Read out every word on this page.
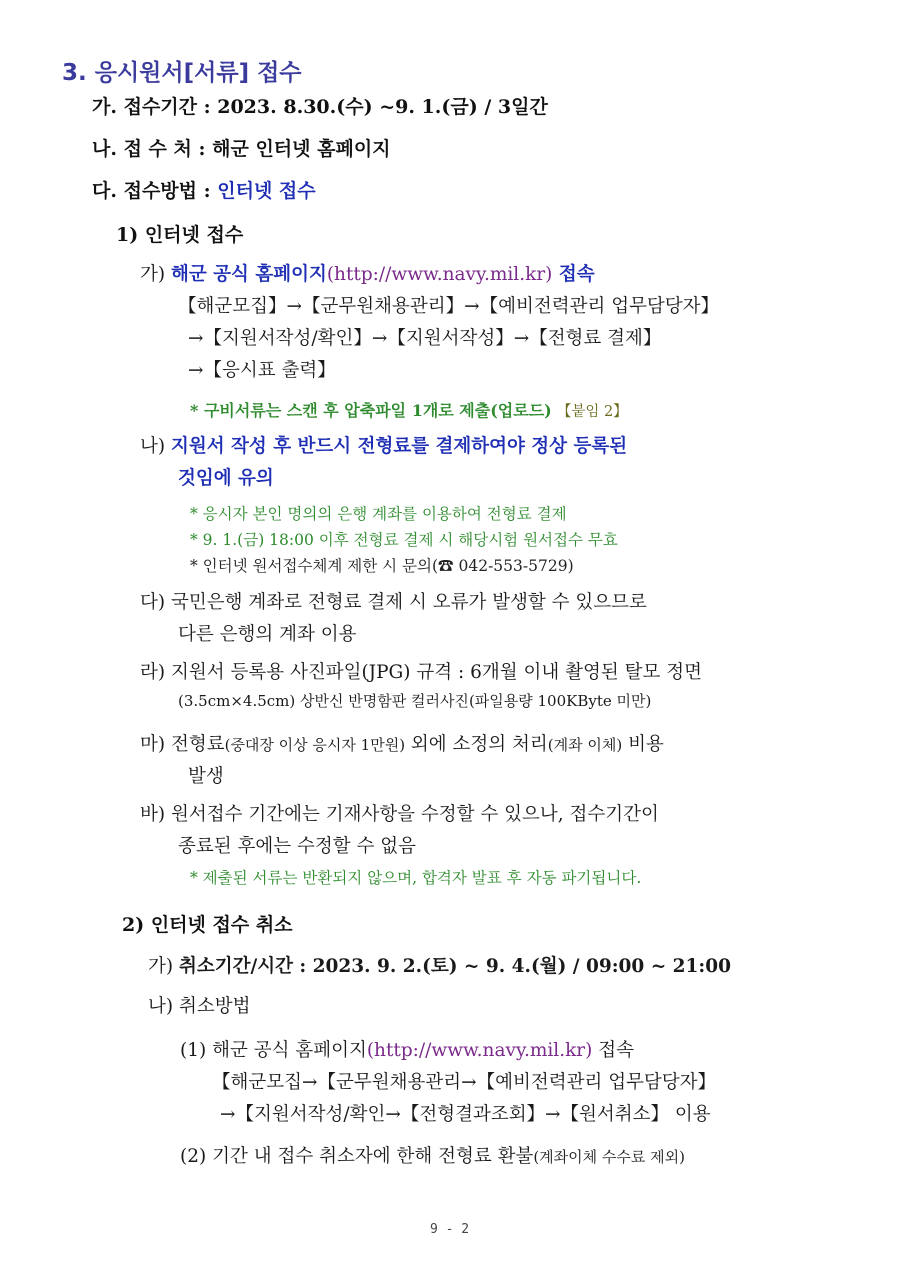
3. 응시원서[서류] 접수
가. 접수기간 : 2023. 8.30.(수) ~9. 1.(금) / 3일간
나. 접 수 처 : 해군 인터넷 홈페이지
다. 접수방법 : 인터넷 접수
1) 인터넷 접수
가) 해군 공식 홈페이지(http://www.navy.mil.kr) 접속
【해군모집】→【군무원채용관리】→【예비전력관리 업무담당자】
→【지원서작성/확인】→【지원서작성】→【전형료 결제】
→【응시표 출력】
* 구비서류는 스캔 후 압축파일 1개로 제출(업로드) 【붙임 2】
나) 지원서 작성 후 반드시 전형료를 결제하여야 정상 등록된
것임에 유의
* 응시자 본인 명의의 은행 계좌를 이용하여 전형료 결제
* 9. 1.(금) 18:00 이후 전형료 결제 시 해당시험 원서접수 무효
* 인터넷 원서접수체계 제한 시 문의(☎ 042-553-5729)
다) 국민은행 계좌로 전형료 결제 시 오류가 발생할 수 있으므로
다른 은행의 계좌 이용
라) 지원서 등록용 사진파일(JPG) 규격 : 6개월 이내 촬영된 탈모 정면
(3.5cm×4.5cm) 상반신 반명함판 컬러사진(파일용량 100KByte 미만)
마) 전형료(중대장 이상 응시자 1만원) 외에 소정의 처리(계좌 이체) 비용
발생
바) 원서접수 기간에는 기재사항을 수정할 수 있으나, 접수기간이
종료된 후에는 수정할 수 없음
* 제출된 서류는 반환되지 않으며, 합격자 발표 후 자동 파기됩니다.
2) 인터넷 접수 취소
가) 취소기간/시간 : 2023. 9. 2.(토) ~ 9. 4.(월) / 09:00 ~ 21:00
나) 취소방법
(1) 해군 공식 홈페이지(http://www.navy.mil.kr) 접속
【해군모집→【군무원채용관리→【예비전력관리 업무담당자】
→【지원서작성/확인→【전형결과조회】→【원서취소】 이용
(2) 기간 내 접수 취소자에 한해 전형료 환불(계좌이체 수수료 제외)
9 - 2
